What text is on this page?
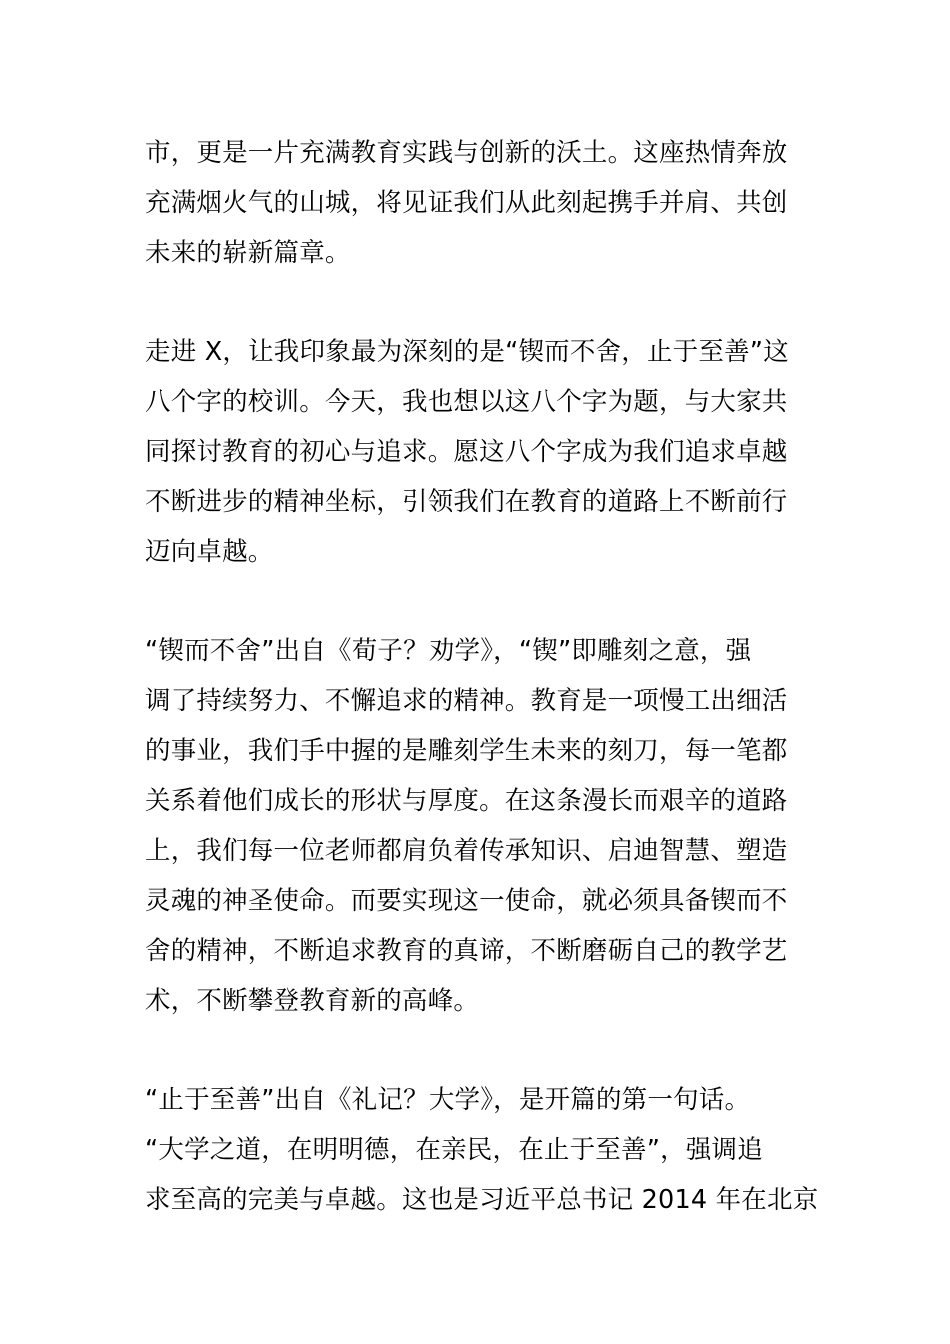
市，更是一片充满教育实践与创新的沃土。这座热情奔放
充满烟火气的山城，将见证我们从此刻起携手并肩、共创
未来的崭新篇章。
走进 X，让我印象最为深刻的是“锲而不舍，止于至善”这
八个字的校训。今天，我也想以这八个字为题，与大家共
同探讨教育的初心与追求。愿这八个字成为我们追求卓越
不断进步的精神坐标，引领我们在教育的道路上不断前行
迈向卓越。
“锲而不舍”出自《荀子？劝学》，“锲”即雕刻之意，强
调了持续努力、不懈追求的精神。教育是一项慢工出细活
的事业，我们手中握的是雕刻学生未来的刻刀，每一笔都
关系着他们成长的形状与厚度。在这条漫长而艰辛的道路
上，我们每一位老师都肩负着传承知识、启迪智慧、塑造
灵魂的神圣使命。而要实现这一使命，就必须具备锲而不
舍的精神，不断追求教育的真谛，不断磨砺自己的教学艺
术，不断攀登教育新的高峰。
“止于至善”出自《礼记？大学》，是开篇的第一句话。
“大学之道，在明明德，在亲民，在止于至善”，强调追
求至高的完美与卓越。这也是习近平总书记 2014 年在北京
